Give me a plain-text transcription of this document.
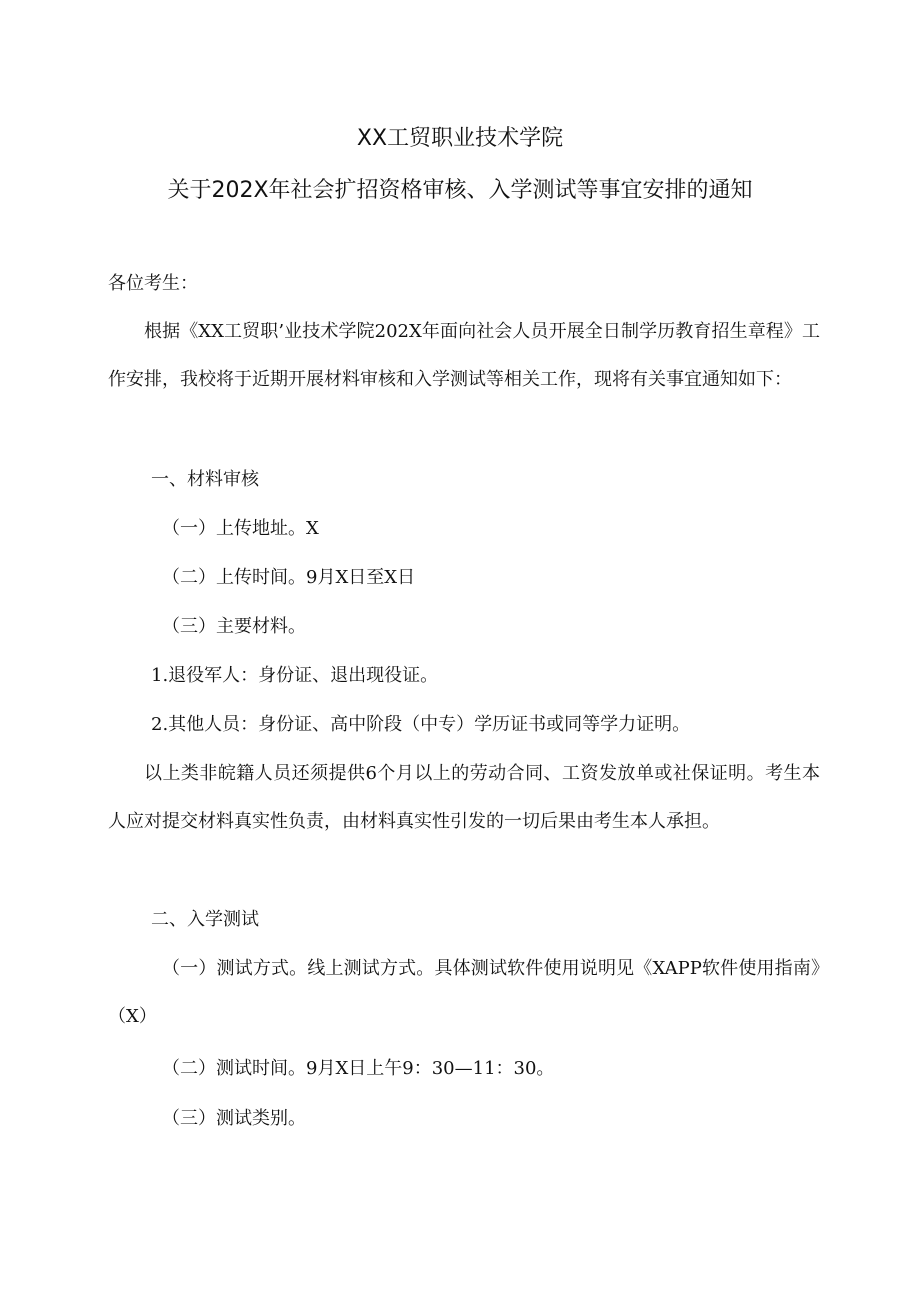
XX工贸职业技术学院
关于202X年社会扩招资格审核、入学测试等事宜安排的通知
各位考生：
根据《XX工贸职’业技术学院202X年面向社会人员开展全日制学历教育招生章程》工作安排，我校将于近期开展材料审核和入学测试等相关工作，现将有关事宜通知如下：
一、材料审核
（一）上传地址。X
（二）上传时间。9月X日至X日
（三）主要材料。
1.退役军人：身份证、退出现役证。
2.其他人员：身份证、高中阶段（中专）学历证书或同等学力证明。
以上类非皖籍人员还须提供6个月以上的劳动合同、工资发放单或社保证明。考生本人应对提交材料真实性负责，由材料真实性引发的一切后果由考生本人承担。
二、入学测试
（一）测试方式。线上测试方式。具体测试软件使用说明见《XAPP软件使用指南》（X）
（二）测试时间。9月X日上午9：30—11：30。
（三）测试类别。
